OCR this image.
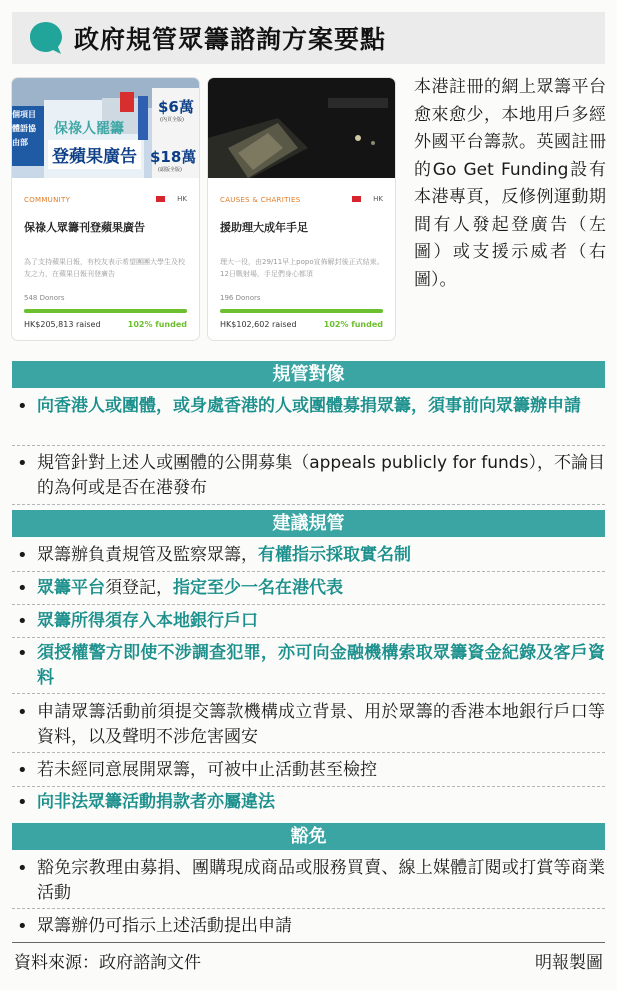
政府規管眾籌諮詢方案要點
個項目
體語協
由部
保祿人罷籌
登蘋果廣告
$6萬
(內頁全版)
$18萬
(頭版全版)
COMMUNITY	HK
保祿人眾籌刊登蘋果廣告
為了支持蘋果日報，有校友表示希望團團大學生及校友之力，在蘋果日報刊登廣告
548 Donors
HK$205,813 raised	102% funded
CAUSES & CHARITIES	HK
援助理大成年手足
理大一役，由29/11早上popo宣佈解封後正式結束。12日戰射場，手足們身心都須
196 Donors
HK$102,602 raised	102% funded
本港註冊的網上眾籌平台愈來愈少，本地用戶多經外國平台籌款。英國註冊的Go Get Funding設有本港專頁，反修例運動期間有人發起登廣告（左圖）或支援示威者（右圖）。
規管對像
• 向香港人或團體，或身處香港的人或團體募捐眾籌，須事前向眾籌辦申請
• 規管針對上述人或團體的公開募集（appeals publicly for funds），不論目的為何或是否在港發布
建議規管
• 眾籌辦負責規管及監察眾籌，有權指示採取實名制
• 眾籌平台須登記，指定至少一名在港代表
• 眾籌所得須存入本地銀行戶口
• 須授權警方即使不涉調查犯罪，亦可向金融機構索取眾籌資金紀錄及客戶資料
• 申請眾籌活動前須提交籌款機構成立背景、用於眾籌的香港本地銀行戶口等資料，以及聲明不涉危害國安
• 若未經同意展開眾籌，可被中止活動甚至檢控
• 向非法眾籌活動捐款者亦屬違法
豁免
• 豁免宗教理由募捐、團購現成商品或服務買賣、線上媒體訂閱或打賞等商業活動
• 眾籌辦仍可指示上述活動提出申請
資料來源：政府諮詢文件	明報製圖
